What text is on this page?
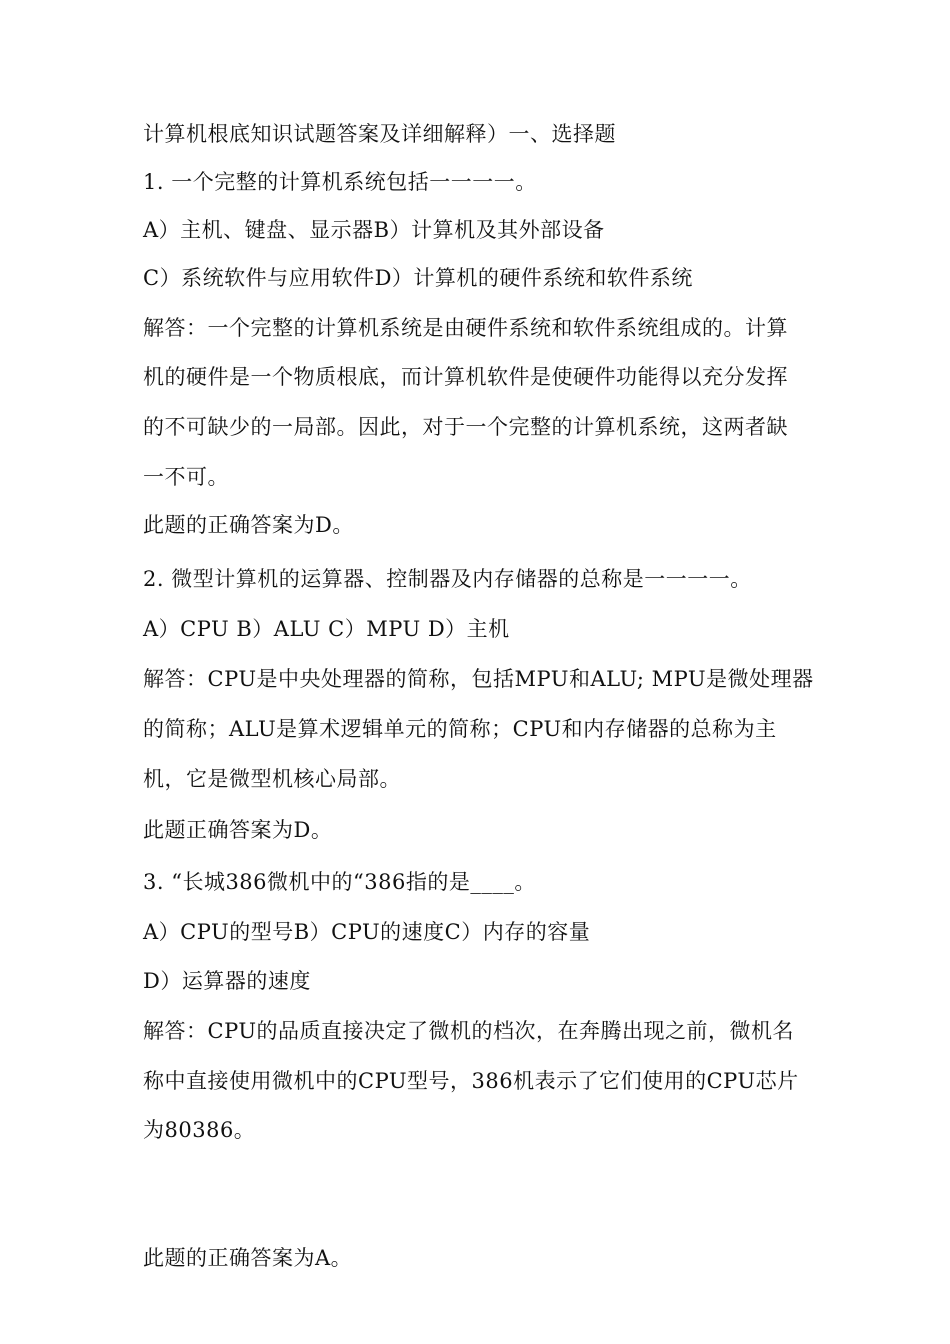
计算机根底知识试题答案及详细解释）一、选择题
1. 一个完整的计算机系统包括一一一一。
A）主机、键盘、显示器B）计算机及其外部设备
C）系统软件与应用软件D）计算机的硬件系统和软件系统
解答：一个完整的计算机系统是由硬件系统和软件系统组成的。计算
机的硬件是一个物质根底，而计算机软件是使硬件功能得以充分发挥
的不可缺少的一局部。因此，对于一个完整的计算机系统，这两者缺
一不可。
此题的正确答案为D。
2. 微型计算机的运算器、控制器及内存储器的总称是一一一一。
A）CPU B）ALU C）MPU D）主机
解答：CPU是中央处理器的简称，包括MPU和ALU; MPU是微处理器
的简称；ALU是算术逻辑单元的简称；CPU和内存储器的总称为主
机，它是微型机核心局部。
此题正确答案为D。
3. “长城386微机中的“386指的是____。
A）CPU的型号B）CPU的速度C）内存的容量
D）运算器的速度
解答：CPU的品质直接决定了微机的档次，在奔腾出现之前，微机名
称中直接使用微机中的CPU型号，386机表示了它们使用的CPU芯片
为80386。
此题的正确答案为A。
